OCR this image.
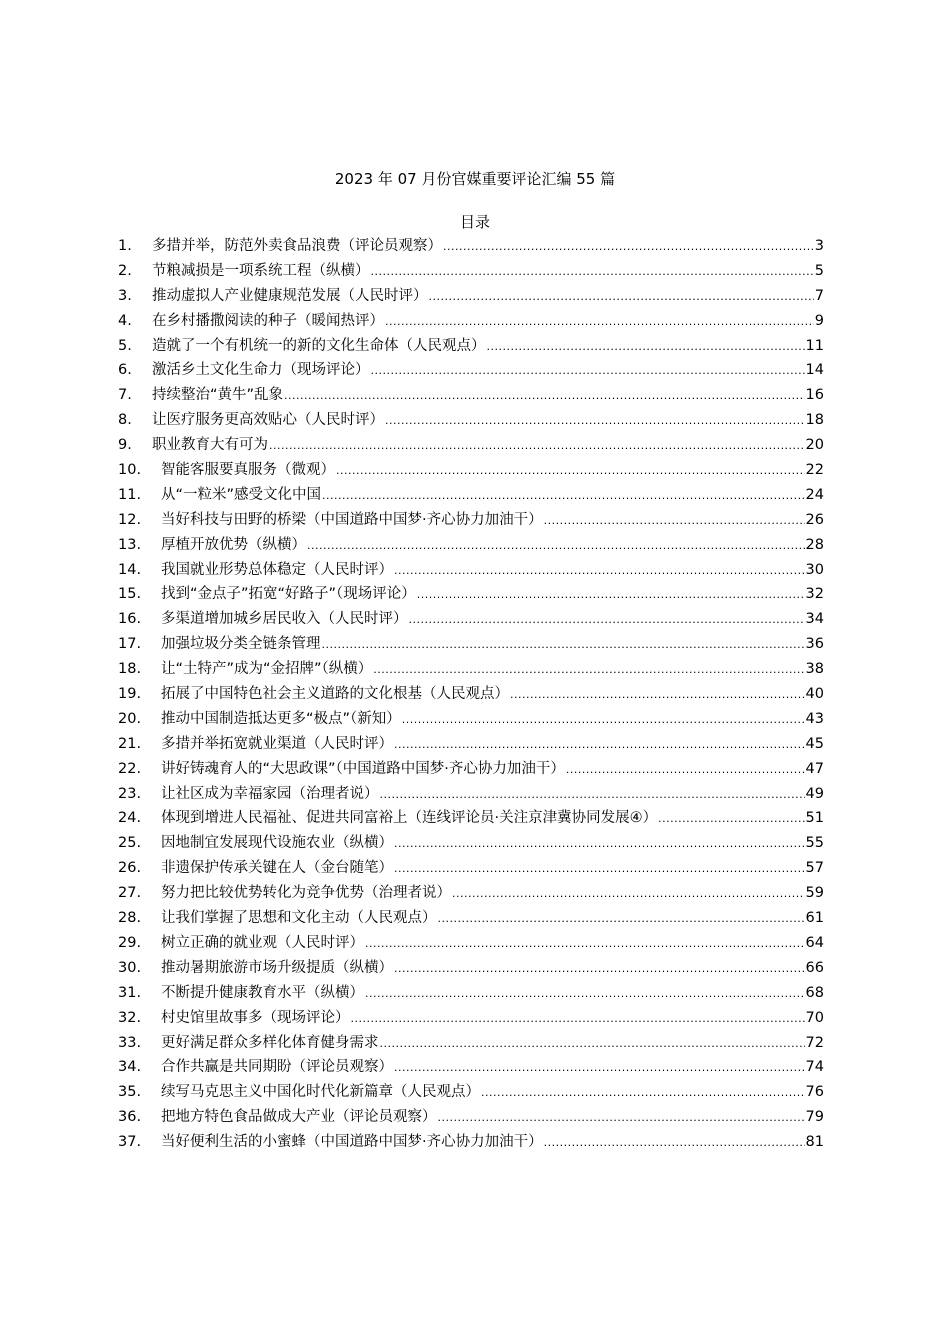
2023 年 07 月份官媒重要评论汇编 55 篇
目录
1.	多措并举，防范外卖食品浪费（评论员观察） .....	3
2.	节粮减损是一项系统工程（纵横） .....	5
3.	推动虚拟人产业健康规范发展（人民时评） .....	7
4.	在乡村播撒阅读的种子（暖闻热评） .....	9
5.	造就了一个有机统一的新的文化生命体（人民观点） .....	11
6.	激活乡土文化生命力（现场评论） .....	14
7.	持续整治“黄牛”乱象 .....	16
8.	让医疗服务更高效贴心（人民时评） .....	18
9.	职业教育大有可为 .....	20
10.	智能客服要真服务（微观） .....	22
11.	从“一粒米”感受文化中国 .....	24
12.	当好科技与田野的桥梁（中国道路中国梦·齐心协力加油干） .....	26
13.	厚植开放优势（纵横） .....	28
14.	我国就业形势总体稳定（人民时评） .....	30
15.	找到“金点子”拓宽“好路子”（现场评论） .....	32
16.	多渠道增加城乡居民收入（人民时评） .....	34
17.	加强垃圾分类全链条管理 .....	36
18.	让“土特产”成为“金招牌”（纵横） .....	38
19.	拓展了中国特色社会主义道路的文化根基（人民观点） .....	40
20.	推动中国制造抵达更多“极点”（新知） .....	43
21.	多措并举拓宽就业渠道（人民时评） .....	45
22.	讲好铸魂育人的“大思政课”（中国道路中国梦·齐心协力加油干） .....	47
23.	让社区成为幸福家园（治理者说） .....	49
24.	体现到增进人民福祉、促进共同富裕上（连线评论员·关注京津冀协同发展④） .....	51
25.	因地制宜发展现代设施农业（纵横） .....	55
26.	非遗保护传承关键在人（金台随笔） .....	57
27.	努力把比较优势转化为竞争优势（治理者说） .....	59
28.	让我们掌握了思想和文化主动（人民观点） .....	61
29.	树立正确的就业观（人民时评） .....	64
30.	推动暑期旅游市场升级提质（纵横） .....	66
31.	不断提升健康教育水平（纵横） .....	68
32.	村史馆里故事多（现场评论） .....	70
33.	更好满足群众多样化体育健身需求 .....	72
34.	合作共赢是共同期盼（评论员观察） .....	74
35.	续写马克思主义中国化时代化新篇章（人民观点） .....	76
36.	把地方特色食品做成大产业（评论员观察） .....	79
37.	当好便利生活的小蜜蜂（中国道路中国梦·齐心协力加油干） .....	81
